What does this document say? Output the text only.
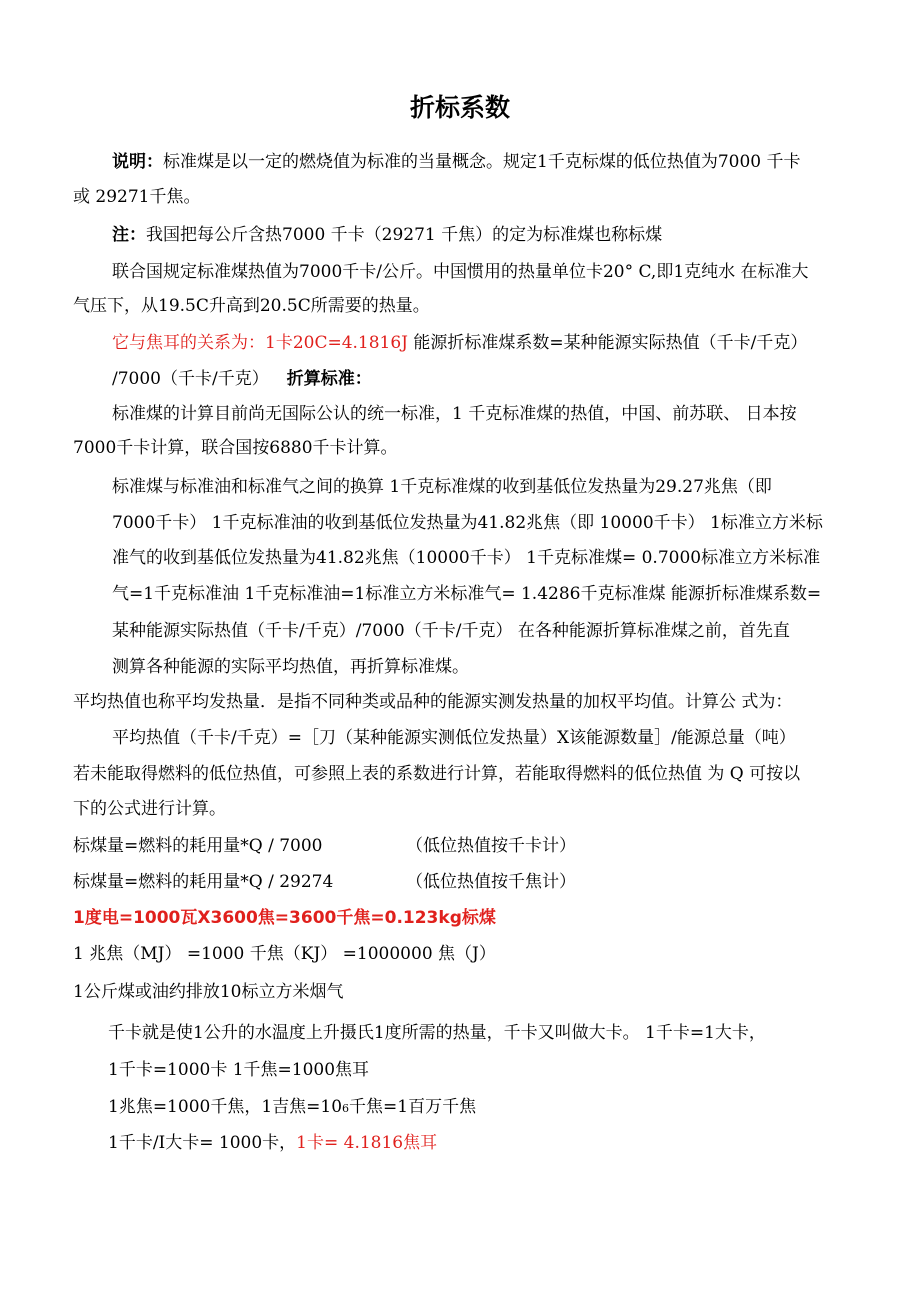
折标系数
说明：标准煤是以一定的燃烧值为标准的当量概念。规定1千克标煤的低位热值为7000 千卡
或 29271千焦。
注：我国把每公斤含热7000 千卡（29271 千焦）的定为标准煤也称标煤
联合国规定标准煤热值为7000千卡/公斤。中国惯用的热量单位卡20° C,即1克纯水 在标准大
气压下，从19.5C升高到20.5C所需要的热量。
它与焦耳的关系为：1卡20C=4.1816J 能源折标准煤系数=某种能源实际热值（千卡/千克）
/7000（千卡/千克） 折算标准：
标准煤的计算目前尚无国际公认的统一标准，1 千克标准煤的热值，中国、前苏联、 日本按
7000千卡计算，联合国按6880千卡计算。
标准煤与标准油和标准气之间的换算 1千克标准煤的收到基低位发热量为29.27兆焦（即
7000千卡） 1千克标准油的收到基低位发热量为41.82兆焦（即 10000千卡） 1标准立方米标
准气的收到基低位发热量为41.82兆焦（10000千卡） 1千克标准煤= 0.7000标准立方米标准
气=1千克标准油 1千克标准油=1标准立方米标准气= 1.4286千克标准煤 能源折标准煤系数=
某种能源实际热值（千卡/千克）/7000（千卡/千克） 在各种能源折算标准煤之前，首先直
测算各种能源的实际平均热值，再折算标准煤。
平均热值也称平均发热量．是指不同种类或品种的能源实测发热量的加权平均值。计算公 式为：
平均热值（千卡/千克）=［刀（某种能源实测低位发热量）X该能源数量］/能源总量（吨）
若未能取得燃料的低位热值，可参照上表的系数进行计算，若能取得燃料的低位热值 为 Q 可按以
下的公式进行计算。
标煤量=燃料的耗用量*Q / 7000	（低位热值按千卡计）
标煤量=燃料的耗用量*Q / 29274	（低位热值按千焦计）
1度电=1000瓦X3600焦=3600千焦=0.123kg标煤
1 兆焦（MJ） =1000 千焦（KJ） =1000000 焦（J）
1公斤煤或油约排放10标立方米烟气
千卡就是使1公升的水温度上升摄氏1度所需的热量，千卡又叫做大卡。 1千卡=1大卡，
1千卡=1000卡 1千焦=1000焦耳
1兆焦=1000千焦，1吉焦=106千焦=1百万千焦
1千卡/I大卡= 1000卡，1卡= 4.1816焦耳
